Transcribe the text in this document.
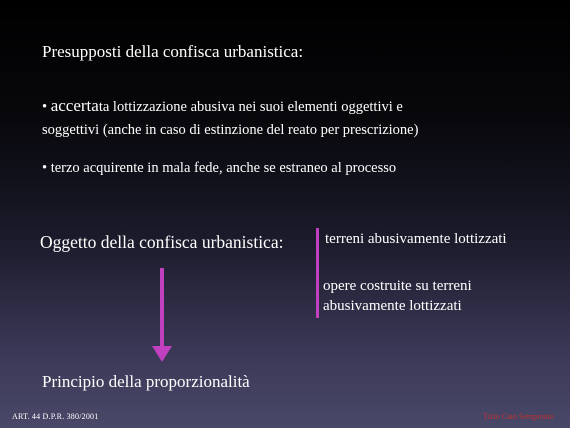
Presupposti della confisca urbanistica:
• accertata lottizzazione abusiva nei suoi elementi oggettivi e
soggettivi (anche in caso di estinzione del reato per prescrizione)
• terzo acquirente in mala fede, anche se estraneo al processo
Oggetto della confisca urbanistica:	terreni abusivamente lottizzati
opere costruite su terreni abusivamente lottizzati
Principio della proporzionalità
ART. 44 D.P.R. 380/2001	Tizio Caio Sempronio
